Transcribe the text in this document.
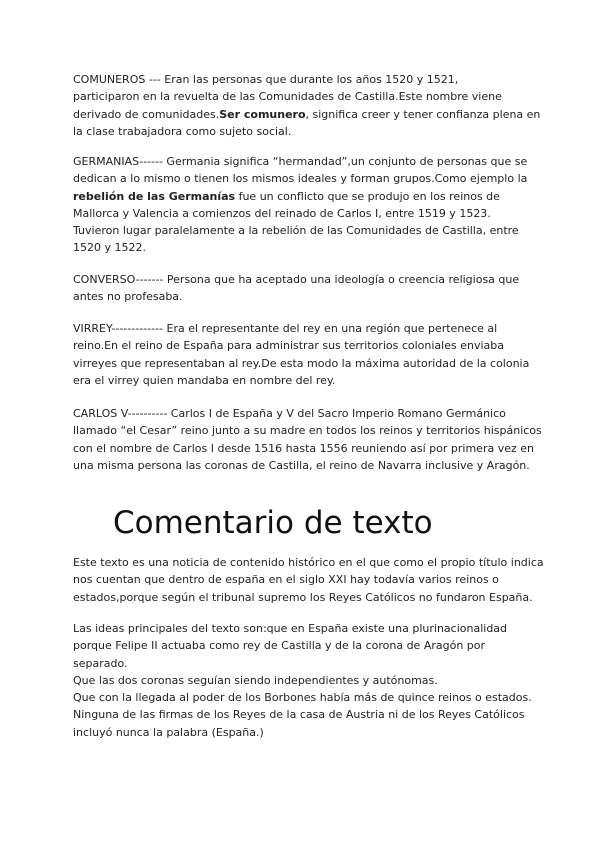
COMUNEROS --- Eran las personas que durante los años 1520 y 1521,
participaron en la revuelta de las Comunidades de Castilla.Este nombre viene
derivado de comunidades.Ser comunero, significa creer y tener confianza plena en
la clase trabajadora como sujeto social.
GERMANIAS------ Germania significa “hermandad”,un conjunto de personas que se
dedican a lo mismo o tienen los mismos ideales y forman grupos.Como ejemplo la
rebelión de las Germanías fue un conflicto que se produjo en los reinos de
Mallorca y Valencia a comienzos del reinado de Carlos I, entre 1519 y 1523.
Tuvieron lugar paralelamente a la rebelión de las Comunidades de Castilla, entre
1520 y 1522.
CONVERSO------- Persona que ha aceptado una ideología o creencia religiosa que
antes no profesaba.
VIRREY------------- Era el representante del rey en una región que pertenece al
reino.En el reino de España para administrar sus territorios coloniales enviaba
virreyes que representaban al rey.De esta modo la máxima autoridad de la colonia
era el virrey quien mandaba en nombre del rey.
CARLOS V---------- Carlos I de España y V del Sacro Imperio Romano Germánico
llamado “el Cesar” reino junto a su madre en todos los reinos y territorios hispánicos
con el nombre de Carlos I desde 1516 hasta 1556 reuniendo así por primera vez en
una misma persona las coronas de Castilla, el reino de Navarra inclusive y Aragón.
Comentario de texto
Este texto es una noticia de contenido histórico en el que como el propio título indica
nos cuentan que dentro de españa en el siglo XXI hay todavía varios reinos o
estados,porque según el tribunal supremo los Reyes Católicos no fundaron España.
Las ideas principales del texto son:que en España existe una plurinacionalidad
porque Felipe II actuaba como rey de Castilla y de la corona de Aragón por
separado.
Que las dos coronas seguían siendo independientes y autónomas.
Que con la llegada al poder de los Borbones había más de quince reinos o estados.
Ninguna de las firmas de los Reyes de la casa de Austria ni de los Reyes Católicos
incluyó nunca la palabra (España.)
